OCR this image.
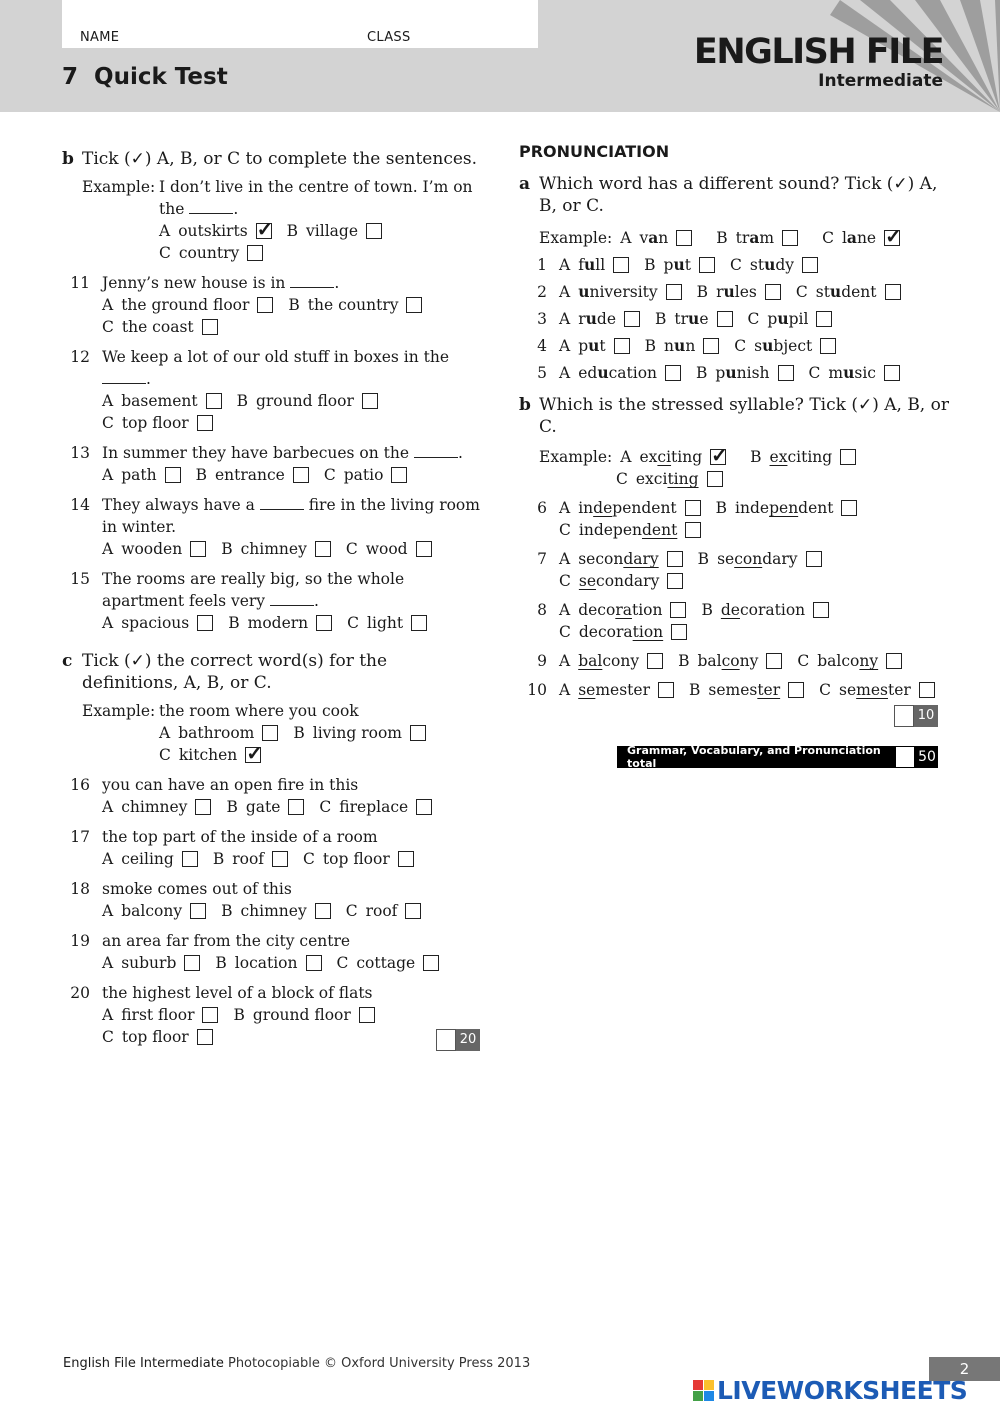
NAME	CLASS
7  Quick Test
ENGLISH FILE
Intermediate
b Tick (✓) A, B, or C to complete the sentences.
Example: I don’t live in the centre of town. I’m on the	.
A outskirts ✓	B village
C country
11 Jenny’s new house is in	.
A the ground floor	B the country
C the coast
12 We keep a lot of our old stuff in boxes in the .
A basement	B ground floor
C top floor
13 In summer they have barbecues on the	.
A path	B entrance	C patio
14 They always have a	fire in the living room in winter.
A wooden	B chimney	C wood
15 The rooms are really big, so the whole apartment feels very	.
A spacious	B modern	C light
c Tick (✓) the correct word(s) for the definitions, A, B, or C.
Example: the room where you cook
A bathroom	B living room
C kitchen
✓
16 you can have an open fire in this
A chimney	B gate	C fireplace
17 the top part of the inside of a room
A ceiling	B roof	C top floor
18 smoke comes out of this
A balcony	B chimney	C roof
19 an area far from the city centre
A suburb	B location	C cottage
20 the highest level of a block of flats
A first floor	B ground floor
C top floor	20
PRONUNCIATION
a Which word has a different sound? Tick (✓) A, B, or C.
Example: A van	B tram	C lane
✓
1 A full	B put	C study
2 A university	B rules	C student
3 A rude	B true	C pupil
4 A put	B nun	C subject
5 A education	B punish	C music
b Which is the stressed syllable? Tick (✓) A, B, or C.
Example: A exciting ✓	B exciting
C exciting
6 A independent	B independent
C independent
7 A secondary	B secondary
C secondary
8 A decoration	B decoration
C decoration
9 A balcony	B balcony	C balcony
10 A semester	B semester	C semester
10
Grammar, Vocabulary, and Pronunciation total	50
English File Intermediate Photocopiable © Oxford University Press 2013	2
LIVEWORKSHEETS
